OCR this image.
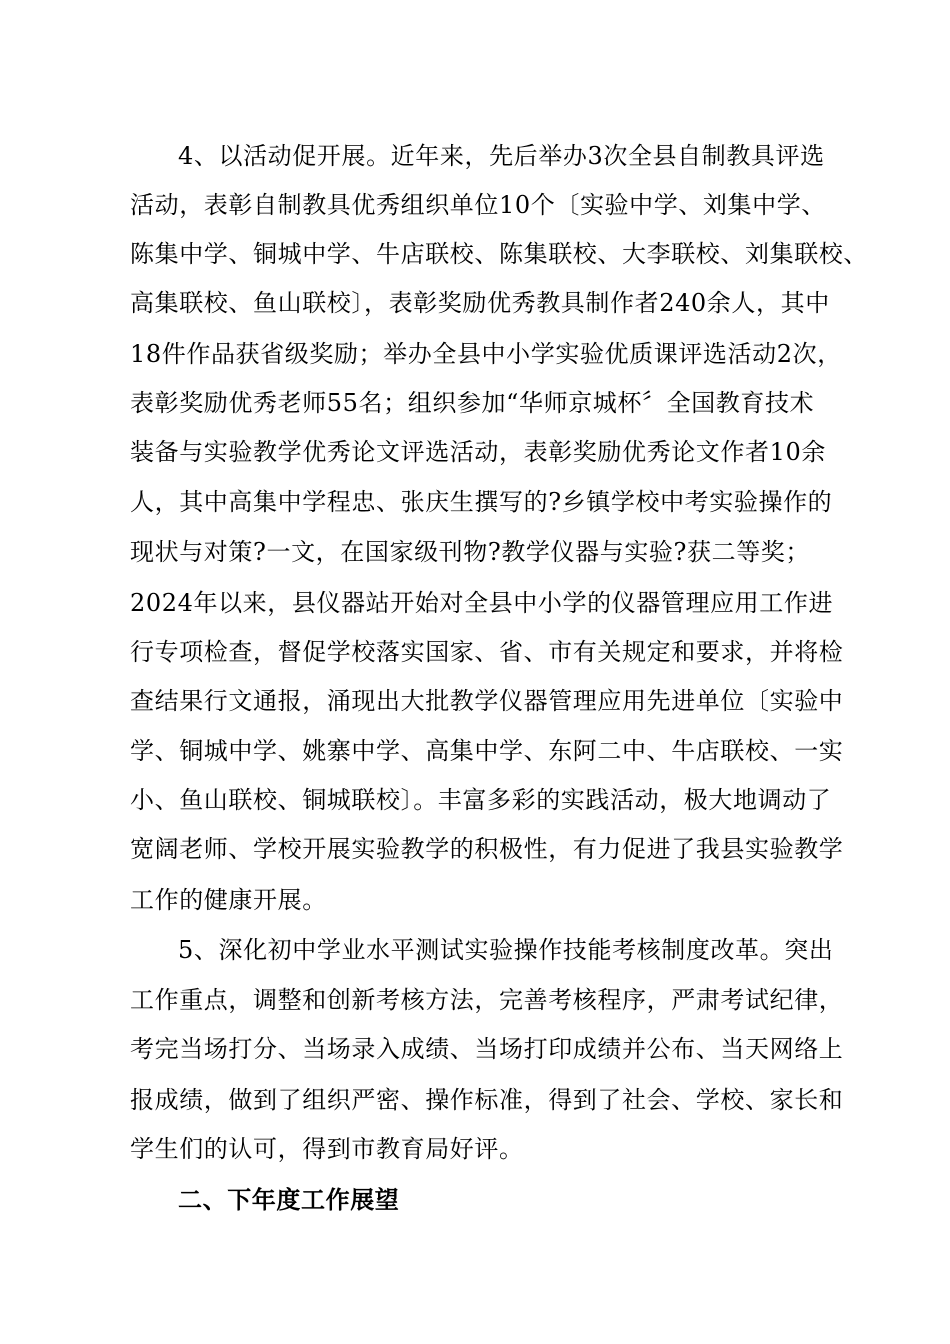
4、以活动促开展。近年来，先后举办3次全县自制教具评选
活动，表彰自制教具优秀组织单位10个〔实验中学、刘集中学、
陈集中学、铜城中学、牛店联校、陈集联校、大李联校、刘集联校、
高集联校、鱼山联校〕，表彰奖励优秀教具制作者240余人，其中
18件作品获省级奖励；举办全县中小学实验优质课评选活动2次，
表彰奖励优秀老师55名；组织参加“华师京城杯〞全国教育技术
装备与实验教学优秀论文评选活动，表彰奖励优秀论文作者10余
人，其中高集中学程忠、张庆生撰写的?乡镇学校中考实验操作的
现状与对策?一文，在国家级刊物?教学仪器与实验?获二等奖；
2024年以来，县仪器站开始对全县中小学的仪器管理应用工作进
行专项检查，督促学校落实国家、省、市有关规定和要求，并将检
查结果行文通报，涌现出大批教学仪器管理应用先进单位〔实验中
学、铜城中学、姚寨中学、高集中学、东阿二中、牛店联校、一实
小、鱼山联校、铜城联校〕。丰富多彩的实践活动，极大地调动了
宽阔老师、学校开展实验教学的积极性，有力促进了我县实验教学
工作的健康开展。
5、深化初中学业水平测试实验操作技能考核制度改革。突出
工作重点，调整和创新考核方法，完善考核程序，严肃考试纪律，
考完当场打分、当场录入成绩、当场打印成绩并公布、当天网络上
报成绩，做到了组织严密、操作标准，得到了社会、学校、家长和
学生们的认可，得到市教育局好评。
二、下年度工作展望
